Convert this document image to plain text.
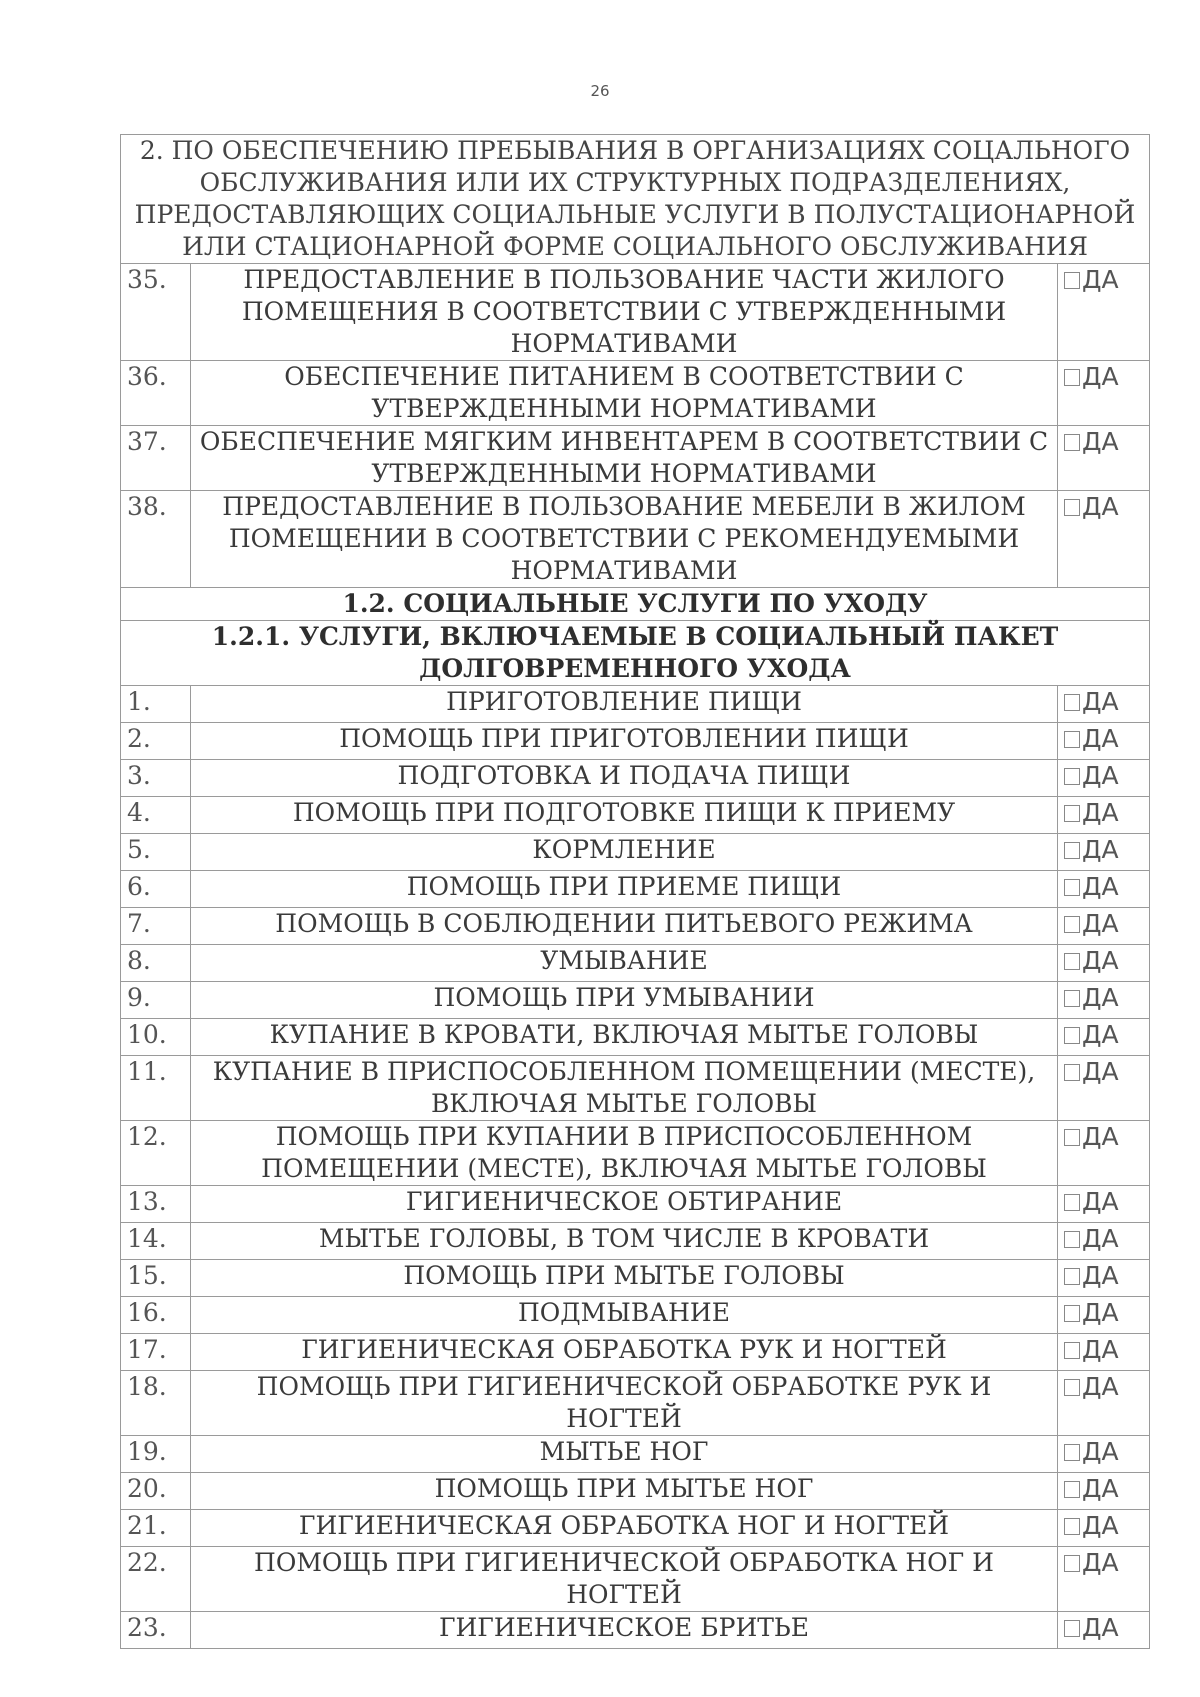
26
2. ПО ОБЕСПЕЧЕНИЮ ПРЕБЫВАНИЯ В ОРГАНИЗАЦИЯХ СОЦАЛЬНОГО ОБСЛУЖИВАНИЯ ИЛИ ИХ СТРУКТУРНЫХ ПОДРАЗДЕЛЕНИЯХ, ПРЕДОСТАВЛЯЮЩИХ СОЦИАЛЬНЫЕ УСЛУГИ В ПОЛУСТАЦИОНАРНОЙ ИЛИ СТАЦИОНАРНОЙ ФОРМЕ СОЦИАЛЬНОГО ОБСЛУЖИВАНИЯ		
35.	ПРЕДОСТАВЛЕНИЕ В ПОЛЬЗОВАНИЕ ЧАСТИ ЖИЛОГО ПОМЕЩЕНИЯ В СООТВЕТСТВИИ С УТВЕРЖДЕННЫМИ НОРМАТИВАМИ	ДА
36.	ОБЕСПЕЧЕНИЕ ПИТАНИЕМ В СООТВЕТСТВИИ С УТВЕРЖДЕННЫМИ НОРМАТИВАМИ	ДА
37.	ОБЕСПЕЧЕНИЕ МЯГКИМ ИНВЕНТАРЕМ В СООТВЕТСТВИИ С УТВЕРЖДЕННЫМИ НОРМАТИВАМИ	ДА
38.	ПРЕДОСТАВЛЕНИЕ В ПОЛЬЗОВАНИЕ МЕБЕЛИ В ЖИЛОМ ПОМЕЩЕНИИ В СООТВЕТСТВИИ С РЕКОМЕНДУЕМЫМИ НОРМАТИВАМИ	ДА
1.2. СОЦИАЛЬНЫЕ УСЛУГИ ПО УХОДУ		
1.2.1. УСЛУГИ, ВКЛЮЧАЕМЫЕ В СОЦИАЛЬНЫЙ ПАКЕТ ДОЛГОВРЕМЕННОГО УХОДА		
1.	ПРИГОТОВЛЕНИЕ ПИЩИ	ДА
2.	ПОМОЩЬ ПРИ ПРИГОТОВЛЕНИИ ПИЩИ	ДА
3.	ПОДГОТОВКА И ПОДАЧА ПИЩИ	ДА
4.	ПОМОЩЬ ПРИ ПОДГОТОВКЕ ПИЩИ К ПРИЕМУ	ДА
5.	КОРМЛЕНИЕ	ДА
6.	ПОМОЩЬ ПРИ ПРИЕМЕ ПИЩИ	ДА
7.	ПОМОЩЬ В СОБЛЮДЕНИИ ПИТЬЕВОГО РЕЖИМА	ДА
8.	УМЫВАНИЕ	ДА
9.	ПОМОЩЬ ПРИ УМЫВАНИИ	ДА
10.	КУПАНИЕ В КРОВАТИ, ВКЛЮЧАЯ МЫТЬЕ ГОЛОВЫ	ДА
11.	КУПАНИЕ В ПРИСПОСОБЛЕННОМ ПОМЕЩЕНИИ (МЕСТЕ), ВКЛЮЧАЯ МЫТЬЕ ГОЛОВЫ	ДА
12.	ПОМОЩЬ ПРИ КУПАНИИ В ПРИСПОСОБЛЕННОМ ПОМЕЩЕНИИ (МЕСТЕ), ВКЛЮЧАЯ МЫТЬЕ ГОЛОВЫ	ДА
13.	ГИГИЕНИЧЕСКОЕ ОБТИРАНИЕ	ДА
14.	МЫТЬЕ ГОЛОВЫ, В ТОМ ЧИСЛЕ В КРОВАТИ	ДА
15.	ПОМОЩЬ ПРИ МЫТЬЕ ГОЛОВЫ	ДА
16.	ПОДМЫВАНИЕ	ДА
17.	ГИГИЕНИЧЕСКАЯ ОБРАБОТКА РУК И НОГТЕЙ	ДА
18.	ПОМОЩЬ ПРИ ГИГИЕНИЧЕСКОЙ ОБРАБОТКЕ РУК И НОГТЕЙ	ДА
19.	МЫТЬЕ НОГ	ДА
20.	ПОМОЩЬ ПРИ МЫТЬЕ НОГ	ДА
21.	ГИГИЕНИЧЕСКАЯ ОБРАБОТКА НОГ И НОГТЕЙ	ДА
22.	ПОМОЩЬ ПРИ ГИГИЕНИЧЕСКОЙ ОБРАБОТКА НОГ И НОГТЕЙ	ДА
23.	ГИГИЕНИЧЕСКОЕ БРИТЬЕ	ДА
